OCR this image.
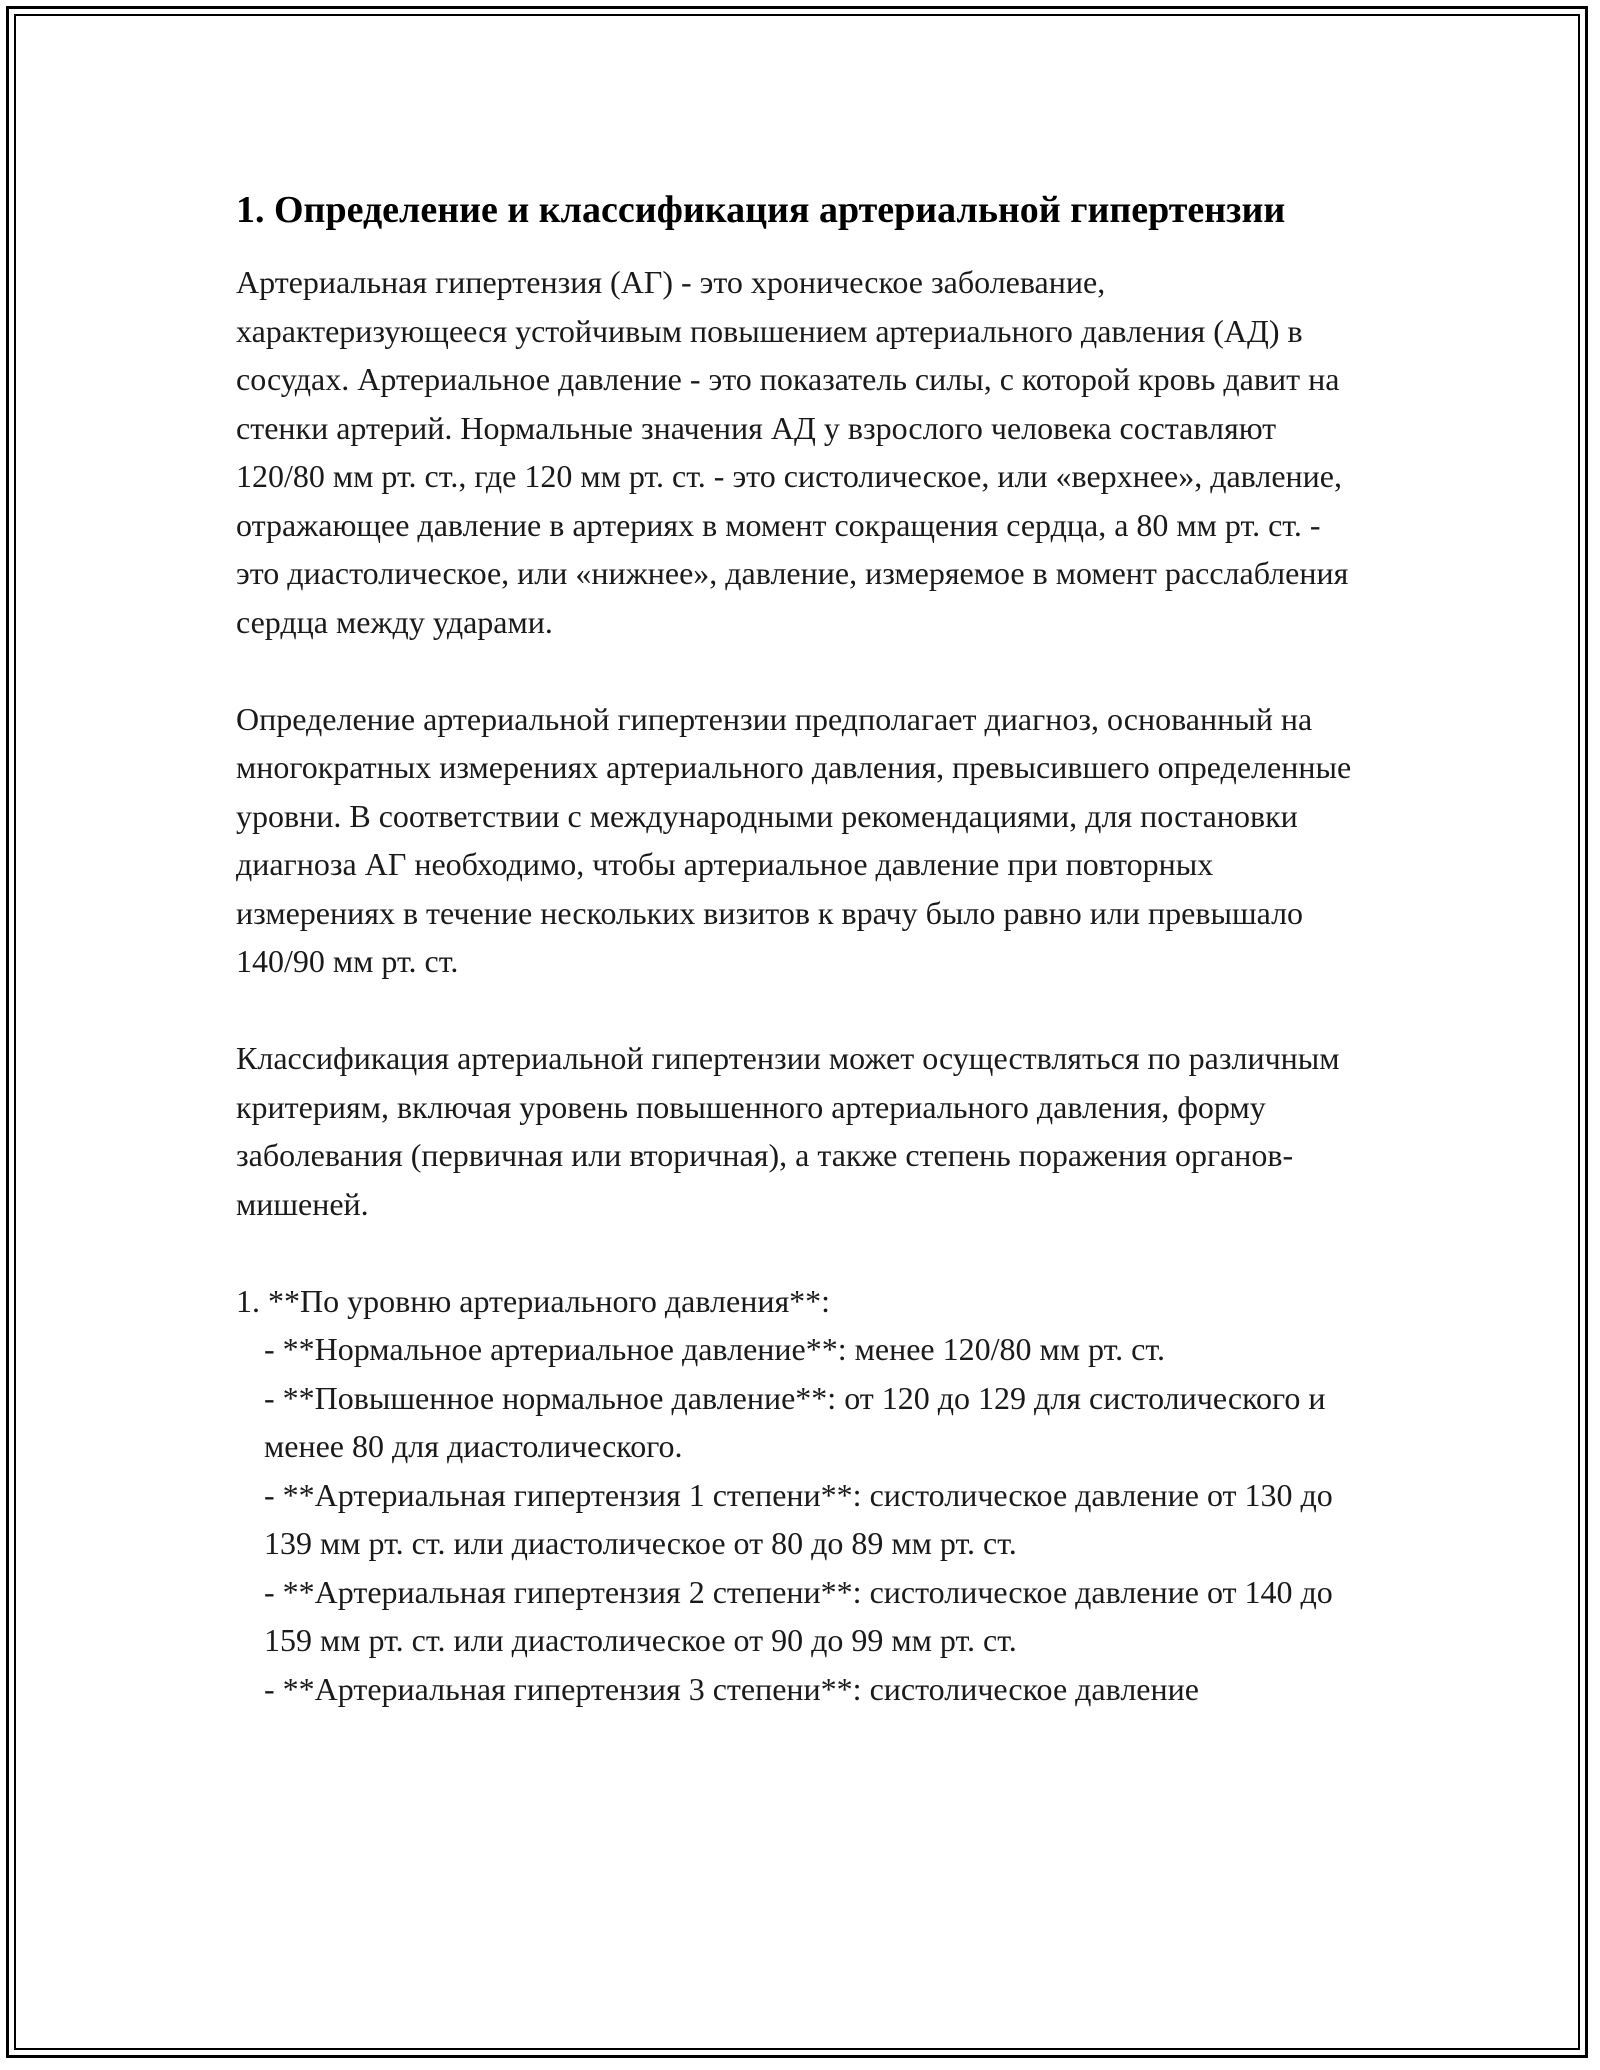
1. Определение и классификация артериальной гипертензии

Артериальная гипертензия (АГ) - это хроническое заболевание, характеризующееся устойчивым повышением артериального давления (АД) в сосудах. Артериальное давление - это показатель силы, с которой кровь давит на стенки артерий. Нормальные значения АД у взрослого человека составляют 120/80 мм рт. ст., где 120 мм рт. ст. - это систолическое, или «верхнее», давление, отражающее давление в артериях в момент сокращения сердца, а 80 мм рт. ст. - это диастолическое, или «нижнее», давление, измеряемое в момент расслабления сердца между ударами.

Определение артериальной гипертензии предполагает диагноз, основанный на многократных измерениях артериального давления, превысившего определенные уровни. В соответствии с международными рекомендациями, для постановки диагноза АГ необходимо, чтобы артериальное давление при повторных измерениях в течение нескольких визитов к врачу было равно или превышало 140/90 мм рт. ст.

Классификация артериальной гипертензии может осуществляться по различным критериям, включая уровень повышенного артериального давления, форму заболевания (первичная или вторичная), а также степень поражения органов-мишеней.

1. **По уровню артериального давления**:
- **Нормальное артериальное давление**: менее 120/80 мм рт. ст.
- **Повышенное нормальное давление**: от 120 до 129 для систолического и менее 80 для диастолического.
- **Артериальная гипертензия 1 степени**: систолическое давление от 130 до 139 мм рт. ст. или диастолическое от 80 до 89 мм рт. ст.
- **Артериальная гипертензия 2 степени**: систолическое давление от 140 до 159 мм рт. ст. или диастолическое от 90 до 99 мм рт. ст.
- **Артериальная гипертензия 3 степени**: систолическое давление
